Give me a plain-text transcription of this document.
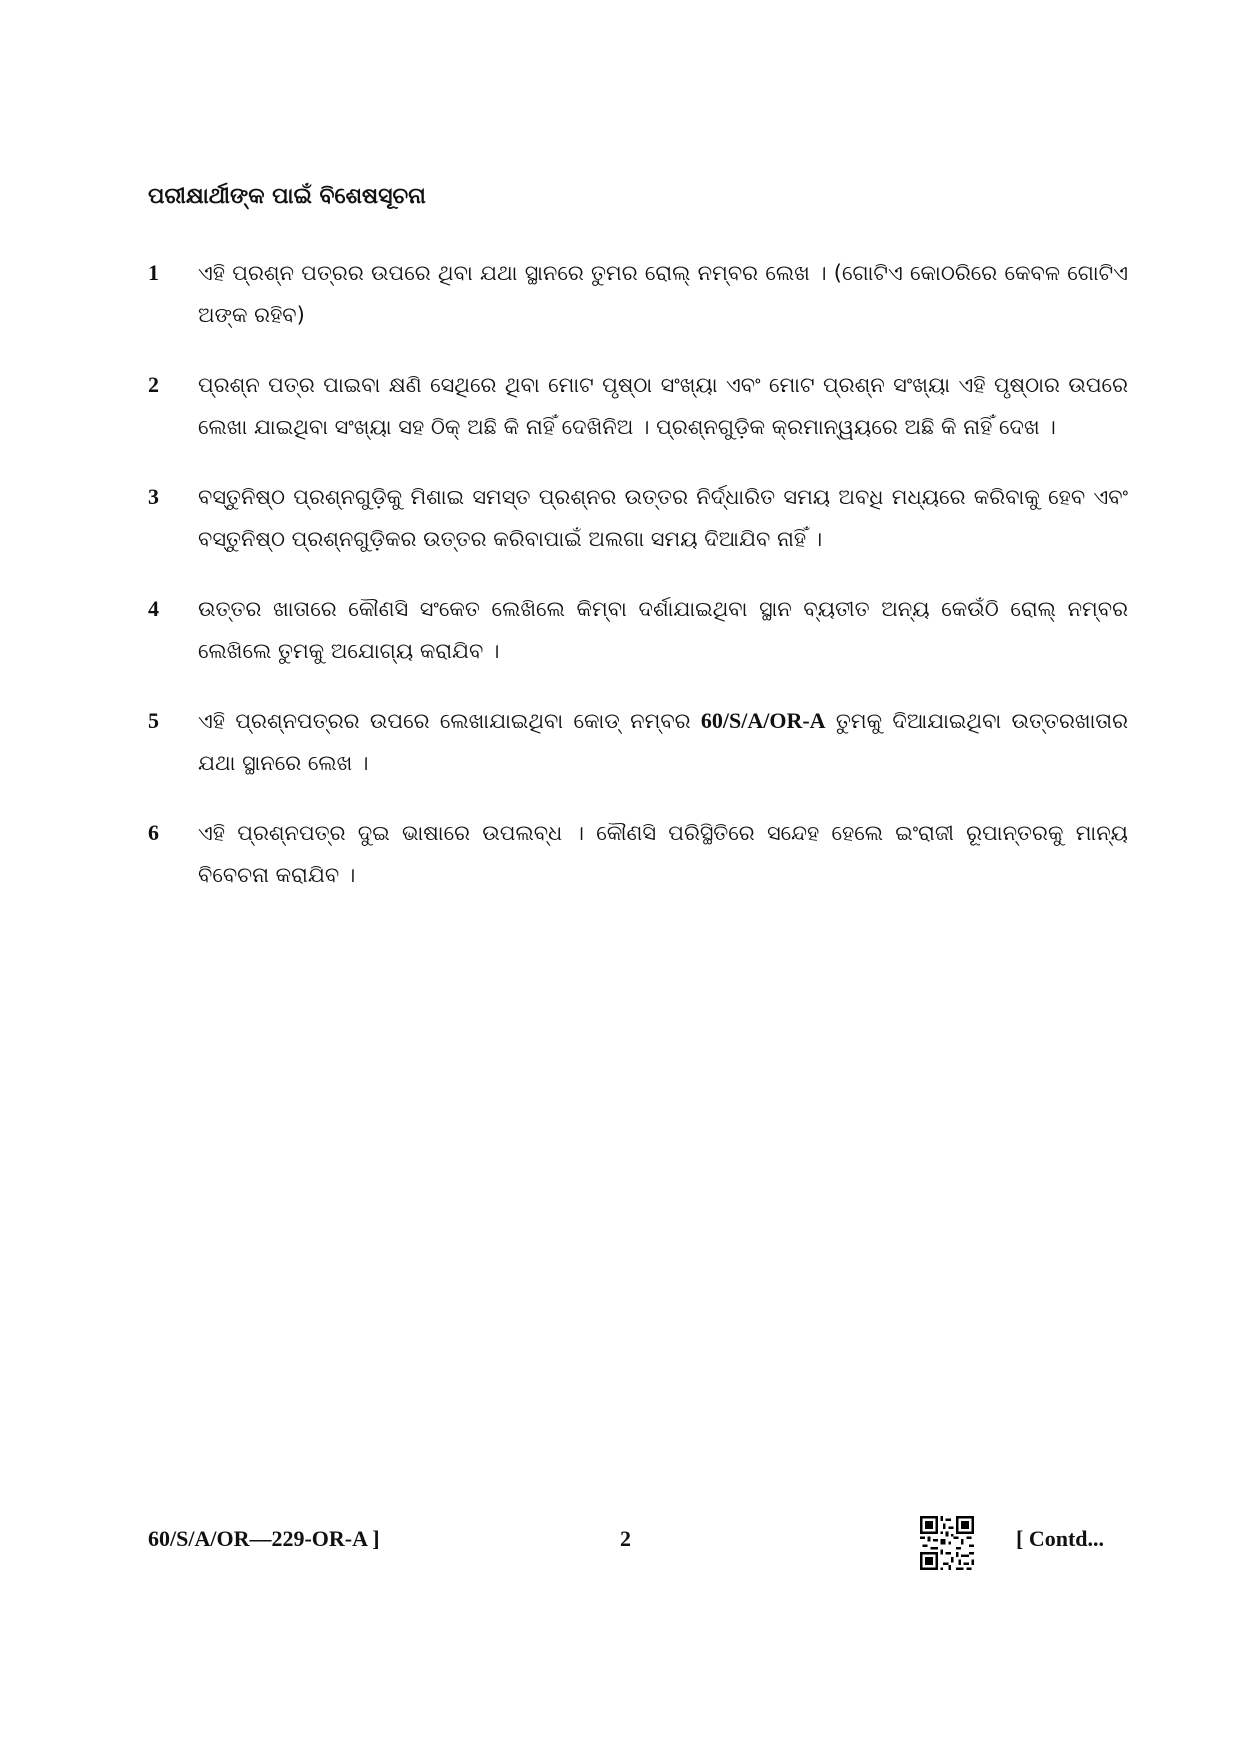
ପରୀକ୍ଷାର୍ଥୀଙ୍କ ପାଇଁ ବିଶେଷସୂଚନା
1	ଏହି ପ୍ରଶ୍ନ ପତ୍ରର ଉପରେ ଥିବା ଯଥା ସ୍ଥାନରେ ତୁମର ରୋଲ୍ ନମ୍ବର ଲେଖ । (ଗୋଟିଏ କୋଠରିରେ କେବଳ ଗୋଟିଏ ଅଙ୍କ ରହିବ)
2	ପ୍ରଶ୍ନ ପତ୍ର ପାଇବା କ୍ଷଣି ସେଥିରେ ଥିବା ମୋଟ ପୃଷ୍ଠା ସଂଖ୍ୟା ଏବଂ ମୋଟ ପ୍ରଶ୍ନ ସଂଖ୍ୟା ଏହି ପୃଷ୍ଠାର ଉପରେ ଲେଖା ଯାଇଥିବା ସଂଖ୍ୟା ସହ ଠିକ୍ ଅଛି କି ନାହିଁ ଦେଖିନିଅ । ପ୍ରଶ୍ନଗୁଡ଼ିକ କ୍ରମାନ୍ୱୟରେ ଅଛି କି ନାହିଁ ଦେଖ ।
3	ବସ୍ତୁନିଷ୍ଠ ପ୍ରଶ୍ନଗୁଡ଼ିକୁ ମିଶାଇ ସମସ୍ତ ପ୍ରଶ୍ନର ଉତ୍ତର ନିର୍ଦ୍ଧାରିତ ସମୟ ଅବଧି ମଧ୍ୟରେ କରିବାକୁ ହେବ ଏବଂ ବସ୍ତୁନିଷ୍ଠ ପ୍ରଶ୍ନଗୁଡ଼ିକର ଉତ୍ତର କରିବାପାଇଁ ଅଲଗା ସମୟ ଦିଆଯିବ ନାହିଁ ।
4	ଉତ୍ତର ଖାତାରେ କୌଣସି ସଂକେତ ଲେଖିଲେ କିମ୍ବା ଦର୍ଶାଯାଇଥିବା ସ୍ଥାନ ବ୍ୟତୀତ ଅନ୍ୟ କେଉଁଠି ରୋଲ୍ ନମ୍ବର ଲେଖିଲେ ତୁମକୁ ଅଯୋଗ୍ୟ କରାଯିବ ।
5	ଏହି ପ୍ରଶ୍ନପତ୍ରର ଉପରେ ଲେଖାଯାଇଥିବା କୋଡ୍ ନମ୍ବର 60/S/A/OR-A ତୁମକୁ ଦିଆଯାଇଥିବା ଉତ୍ତରଖାତାର ଯଥା ସ୍ଥାନରେ ଲେଖ ।
6	ଏହି ପ୍ରଶ୍ନପତ୍ର ଦୁଇ ଭାଷାରେ ଉପଲବ୍ଧ । କୌଣସି ପରିସ୍ଥିତିରେ ସନ୍ଦେହ ହେଲେ ଇଂରାଜୀ ରୂପାନ୍ତରକୁ ମାନ୍ୟ ବିବେଚନା କରାଯିବ ।
60/S/A/OR—229-OR-A ]	2	[ Contd...
